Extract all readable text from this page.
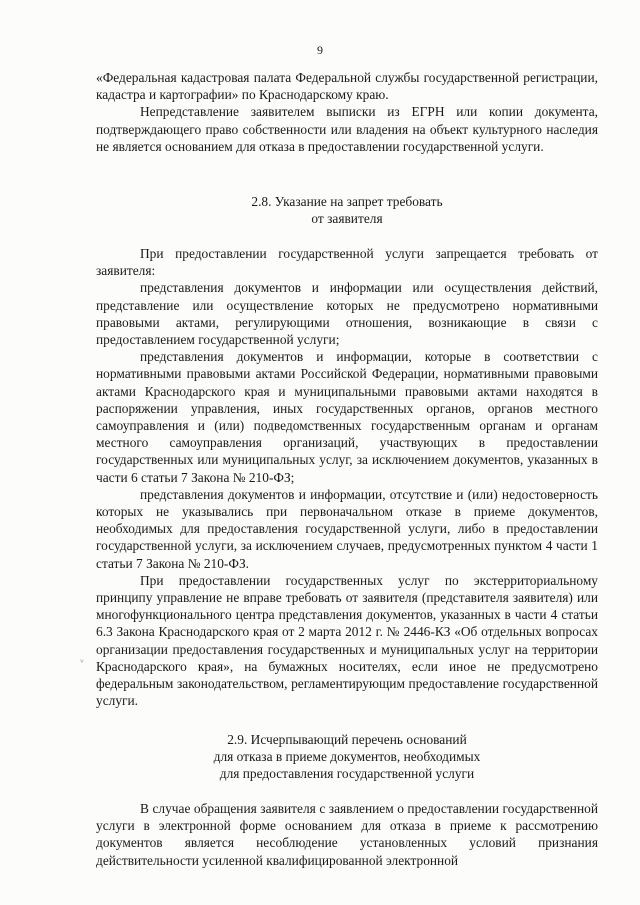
9

«Федеральная кадастровая палата Федеральной службы государственной регистрации, кадастра и картографии» по Краснодарскому краю.

Непредставление заявителем выписки из ЕГРН или копии документа, подтверждающего право собственности или владения на объект культурного наследия не является основанием для отказа в предоставлении государственной услуги.

2.8. Указание на запрет требовать
от заявителя

При предоставлении государственной услуги запрещается требовать от заявителя:

представления документов и информации или осуществления действий, представление или осуществление которых не предусмотрено нормативными правовыми актами, регулирующими отношения, возникающие в связи с предоставлением государственной услуги;

представления документов и информации, которые в соответствии с нормативными правовыми актами Российской Федерации, нормативными правовыми актами Краснодарского края и муниципальными правовыми актами находятся в распоряжении управления, иных государственных органов, органов местного самоуправления и (или) подведомственных государственным органам и органам местного самоуправления организаций, участвующих в предоставлении государственных или муниципальных услуг, за исключением документов, указанных в части 6 статьи 7 Закона № 210-ФЗ;

представления документов и информации, отсутствие и (или) недостоверность которых не указывались при первоначальном отказе в приеме документов, необходимых для предоставления государственной услуги, либо в предоставлении государственной услуги, за исключением случаев, предусмотренных пунктом 4 части 1 статьи 7 Закона № 210-ФЗ.

При предоставлении государственных услуг по экстерриториальному принципу управление не вправе требовать от заявителя (представителя заявителя) или многофункционального центра представления документов, указанных в части 4 статьи 6.3 Закона Краснодарского края от 2 марта 2012 г. № 2446-КЗ «Об отдельных вопросах организации предоставления государственных и муниципальных услуг на территории Краснодарского края», на бумажных носителях, если иное не предусмотрено федеральным законодательством, регламентирующим предоставление государственной услуги.

2.9. Исчерпывающий перечень оснований
для отказа в приеме документов, необходимых
для предоставления государственной услуги

В случае обращения заявителя с заявлением о предоставлении государственной услуги в электронной форме основанием для отказа в приеме к рассмотрению документов является несоблюдение установленных условий признания действительности усиленной квалифицированной электронной

ᵛ
